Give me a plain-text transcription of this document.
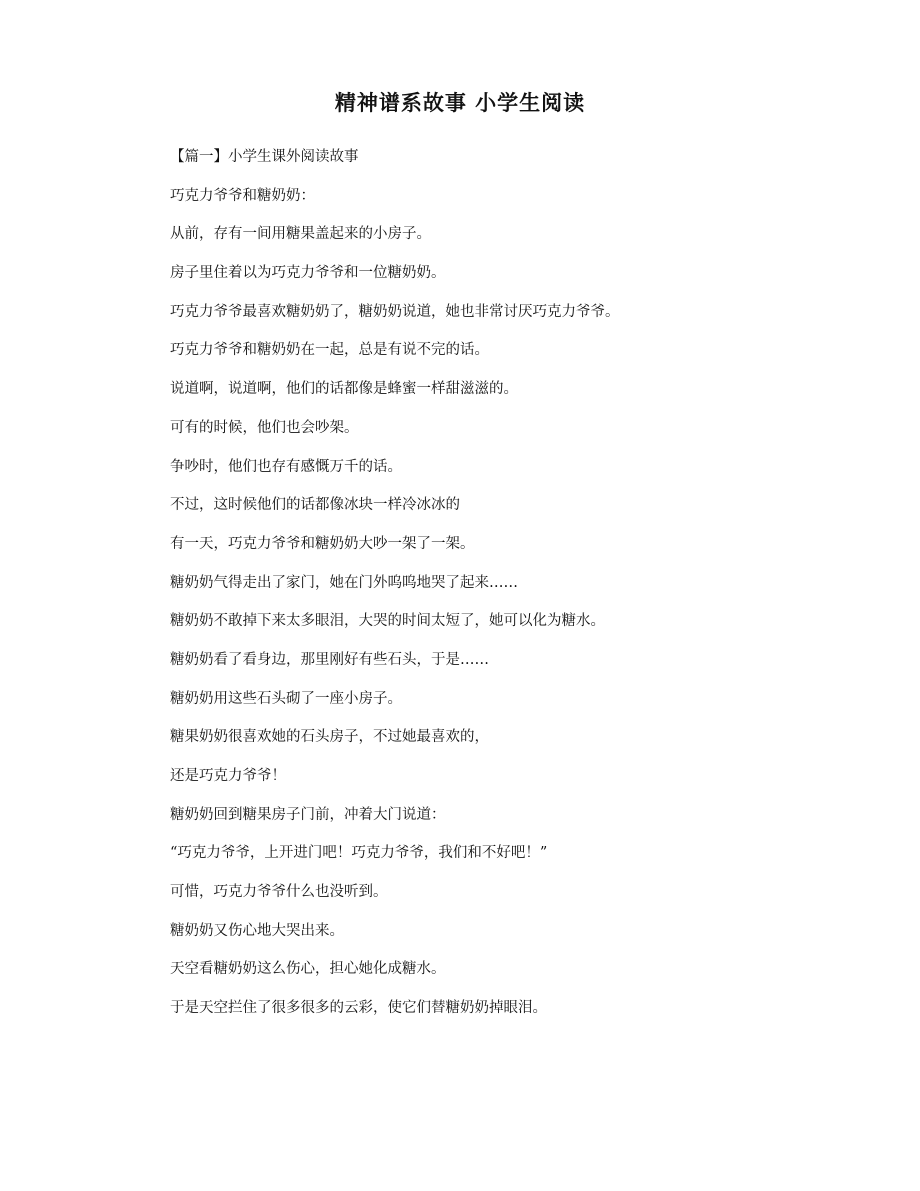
精神谱系故事 小学生阅读

【篇一】小学生课外阅读故事

巧克力爷爷和糖奶奶：

从前，存有一间用糖果盖起来的小房子。

房子里住着以为巧克力爷爷和一位糖奶奶。

巧克力爷爷最喜欢糖奶奶了，糖奶奶说道，她也非常讨厌巧克力爷爷。

巧克力爷爷和糖奶奶在一起，总是有说不完的话。

说道啊，说道啊，他们的话都像是蜂蜜一样甜滋滋的。

可有的时候，他们也会吵架。

争吵时，他们也存有感慨万千的话。

不过，这时候他们的话都像冰块一样冷冰冰的

有一天，巧克力爷爷和糖奶奶大吵一架了一架。

糖奶奶气得走出了家门，她在门外呜呜地哭了起来……

糖奶奶不敢掉下来太多眼泪，大哭的时间太短了，她可以化为糖水。

糖奶奶看了看身边，那里刚好有些石头，于是……

糖奶奶用这些石头砌了一座小房子。

糖果奶奶很喜欢她的石头房子，不过她最喜欢的，

还是巧克力爷爷！

糖奶奶回到糖果房子门前，冲着大门说道：

“巧克力爷爷，上开进门吧！巧克力爷爷，我们和不好吧！”

可惜，巧克力爷爷什么也没听到。

糖奶奶又伤心地大哭出来。

天空看糖奶奶这么伤心，担心她化成糖水。

于是天空拦住了很多很多的云彩，使它们替糖奶奶掉眼泪。
